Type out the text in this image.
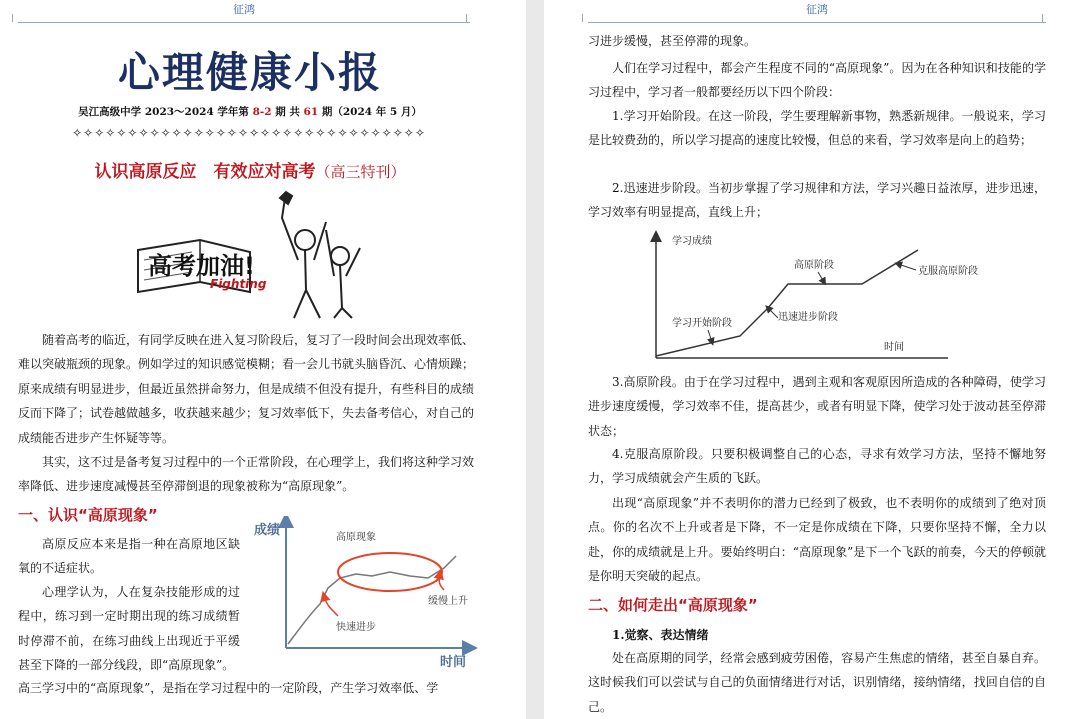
征鸿
心理健康小报
吴江高级中学 2023～2024 学年第 8-2 期 共 61 期（2024 年 5 月）
✧✧✧✧✧✧✧✧✧✧✧✧✧✧✧✧✧✧✧✧✧✧✧✧✧✧✧✧✧✧✧✧
认识高原反应　有效应对高考（高三特刊）
高考加油!
Fighting

随着高考的临近，有同学反映在进入复习阶段后，复习了一段时间会出现效率低、难以突破瓶颈的现象。例如学过的知识感觉模糊；看一会儿书就头脑昏沉、心情烦躁；原来成绩有明显进步，但最近虽然拼命努力，但是成绩不但没有提升，有些科目的成绩反而下降了；试卷越做越多，收获越来越少；复习效率低下，失去备考信心，对自己的成绩能否进步产生怀疑等等。

其实，这不过是备考复习过程中的一个正常阶段，在心理学上，我们将这种学习效率降低、进步速度减慢甚至停滞倒退的现象被称为“高原现象”。

一、认识“高原现象”

高原反应本来是指一种在高原地区缺氧的不适症状。

心理学认为，人在复杂技能形成的过程中，练习到一定时期出现的练习成绩暂时停滞不前，在练习曲线上出现近于平缓甚至下降的一部分线段，即“高原现象”。

高三学习中的“高原现象”，是指在学习过程中的一定阶段，产生学习效率低、学

成绩
时间
高原现象
快速进步
缓慢上升
征鸿

习进步缓慢，甚至停滞的现象。

人们在学习过程中，都会产生程度不同的“高原现象”。因为在各种知识和技能的学习过程中，学习者一般都要经历以下四个阶段：

1.学习开始阶段。在这一阶段，学生要理解新事物，熟悉新规律。一般说来，学习是比较费劲的，所以学习提高的速度比较慢，但总的来看，学习效率是向上的趋势；

2.迅速进步阶段。当初步掌握了学习规律和方法，学习兴趣日益浓厚，进步迅速，学习效率有明显提高，直线上升；

学习成绩
时间
学习开始阶段
迅速进步阶段
高原阶段
克服高原阶段

3.高原阶段。由于在学习过程中，遇到主观和客观原因所造成的各种障碍，使学习进步速度缓慢，学习效率不佳，提高甚少，或者有明显下降，使学习处于波动甚至停滞状态；

4.克服高原阶段。只要积极调整自己的心态，寻求有效学习方法，坚持不懈地努力，学习成绩就会产生质的飞跃。

出现“高原现象”并不表明你的潜力已经到了极致，也不表明你的成绩到了绝对顶点。你的名次不上升或者是下降，不一定是你成绩在下降，只要你坚持不懈，全力以赴，你的成绩就是上升。要始终明白：“高原现象”是下一个飞跃的前奏，今天的停顿就是你明天突破的起点。

二、如何走出“高原现象”
1.觉察、表达情绪

处在高原期的同学，经常会感到疲劳困倦，容易产生焦虑的情绪，甚至自暴自弃。这时候我们可以尝试与自己的负面情绪进行对话，识别情绪，接纳情绪，找回自信的自己。
